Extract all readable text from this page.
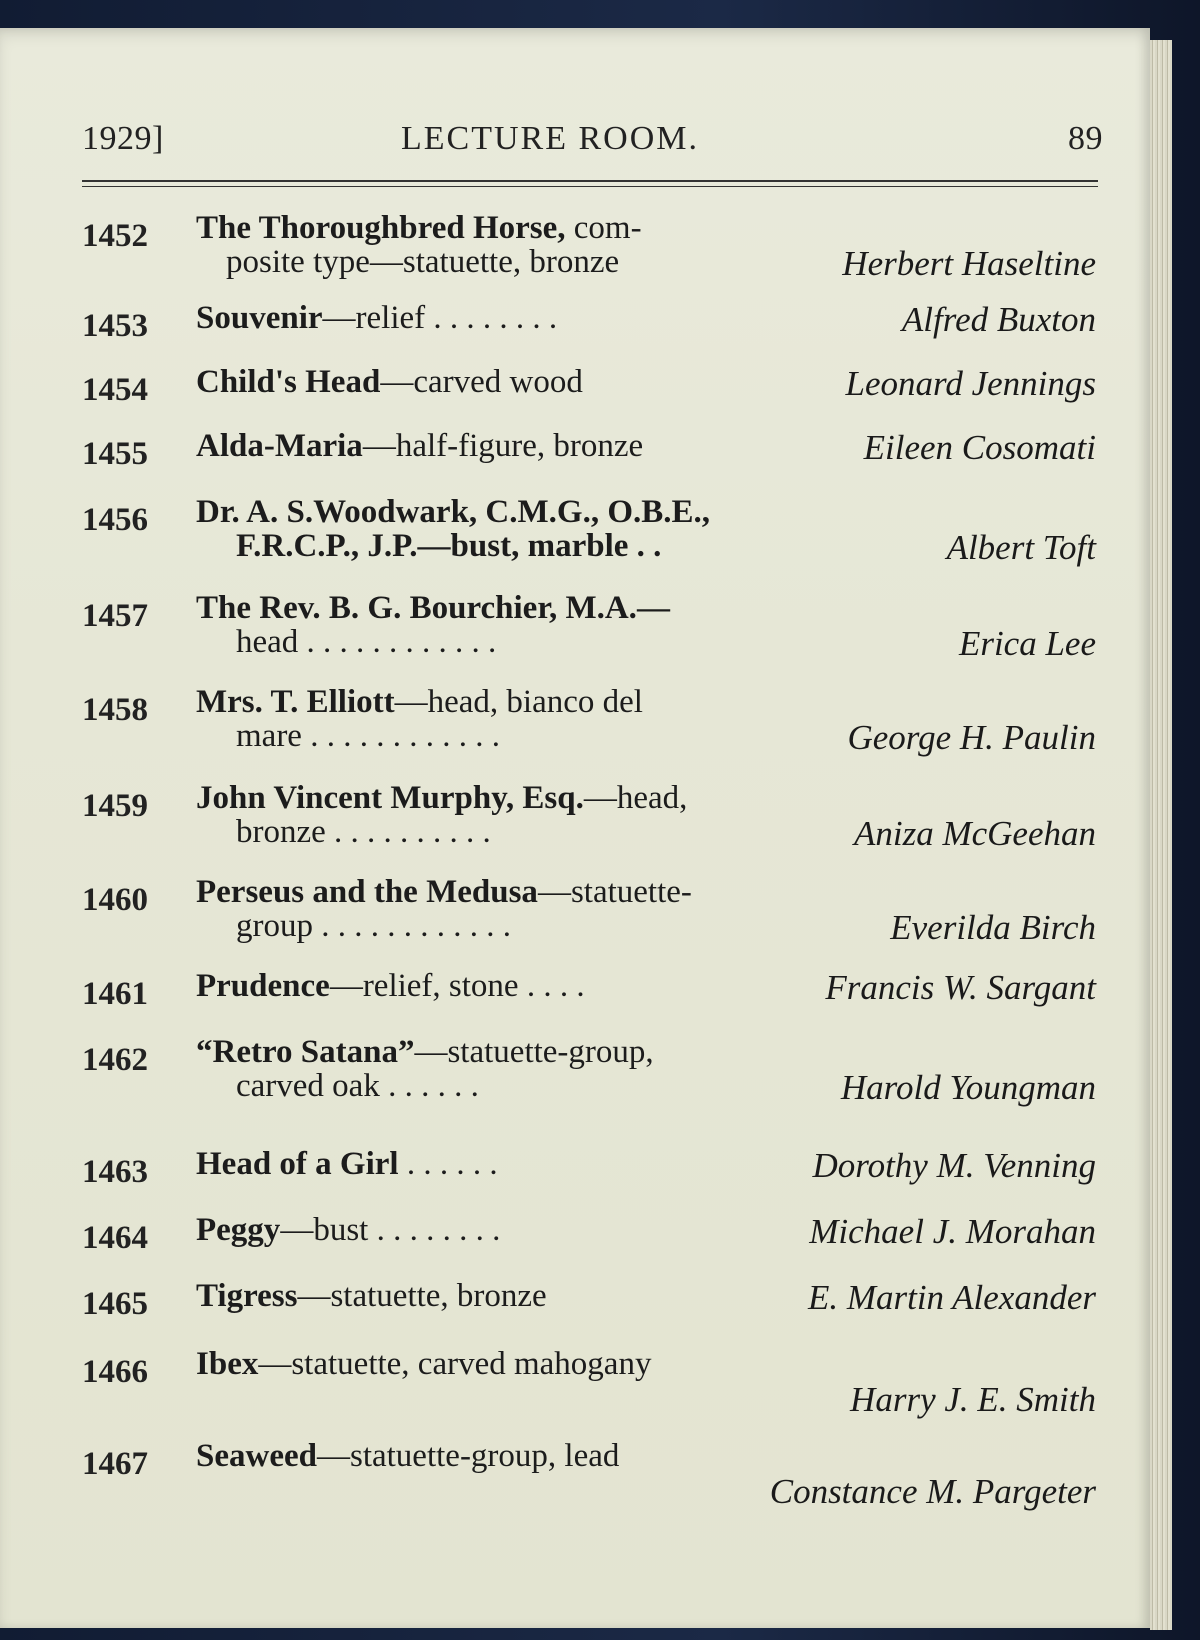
1929]	LECTURE ROOM.	89
1452 The Thoroughbred Horse, com-
posite type—statuette, bronze	Herbert Haseltine
1453 Souvenir—relief . . . . . . . .	Alfred Buxton
1454 Child's Head—carved wood	Leonard Jennings
1455 Alda-Maria—half-figure, bronze	Eileen Cosomati
1456 Dr. A. S.Woodwark, C.M.G., O.B.E.,
F.R.C.P., J.P.—bust, marble . .	Albert Toft
1457 The Rev. B. G. Bourchier, M.A.—
head . . . . . . . . . . . .	Erica Lee
1458 Mrs. T. Elliott—head, bianco del
mare . . . . . . . . . . . .	George H. Paulin
1459 John Vincent Murphy, Esq.—head,
bronze . . . . . . . . . .	Aniza McGeehan
1460 Perseus and the Medusa—statuette-
group . . . . . . . . . . . .	Everilda Birch
1461 Prudence—relief, stone . . . .	Francis W. Sargant
1462 “Retro Satana”—statuette-group,
carved oak . . . . . .	Harold Youngman
1463 Head of a Girl . . . . . .	Dorothy M. Venning
1464 Peggy—bust . . . . . . . .	Michael J. Morahan
1465 Tigress—statuette, bronze	E. Martin Alexander
1466 Ibex—statuette, carved mahogany
Harry J. E. Smith
1467 Seaweed—statuette-group, lead
Constance M. Pargeter
